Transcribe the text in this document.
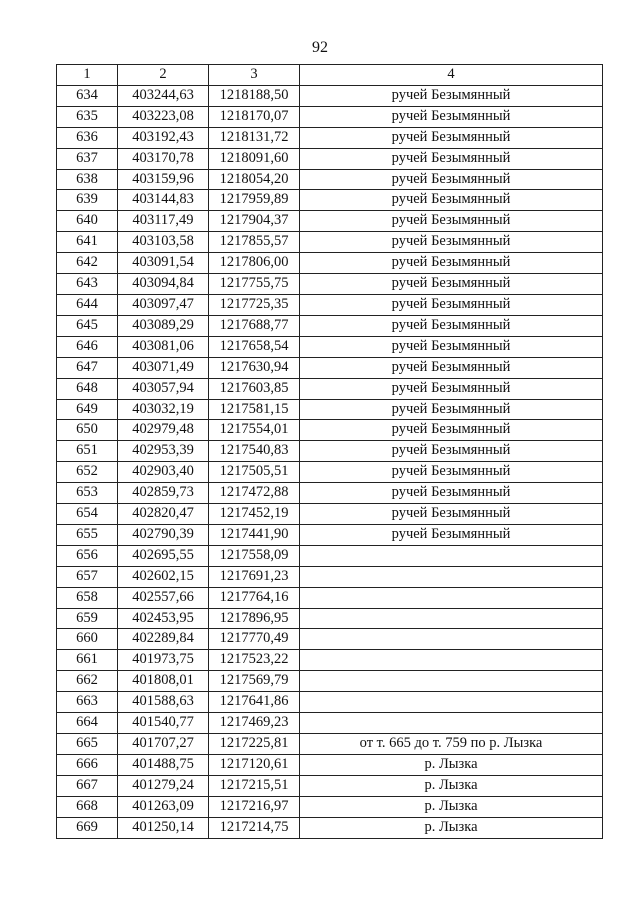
92
1	2	3	4
634	403244,63	1218188,50	ручей Безымянный
635	403223,08	1218170,07	ручей Безымянный
636	403192,43	1218131,72	ручей Безымянный
637	403170,78	1218091,60	ручей Безымянный
638	403159,96	1218054,20	ручей Безымянный
639	403144,83	1217959,89	ручей Безымянный
640	403117,49	1217904,37	ручей Безымянный
641	403103,58	1217855,57	ручей Безымянный
642	403091,54	1217806,00	ручей Безымянный
643	403094,84	1217755,75	ручей Безымянный
644	403097,47	1217725,35	ручей Безымянный
645	403089,29	1217688,77	ручей Безымянный
646	403081,06	1217658,54	ручей Безымянный
647	403071,49	1217630,94	ручей Безымянный
648	403057,94	1217603,85	ручей Безымянный
649	403032,19	1217581,15	ручей Безымянный
650	402979,48	1217554,01	ручей Безымянный
651	402953,39	1217540,83	ручей Безымянный
652	402903,40	1217505,51	ручей Безымянный
653	402859,73	1217472,88	ручей Безымянный
654	402820,47	1217452,19	ручей Безымянный
655	402790,39	1217441,90	ручей Безымянный
656	402695,55	1217558,09	
657	402602,15	1217691,23	
658	402557,66	1217764,16	
659	402453,95	1217896,95	
660	402289,84	1217770,49	
661	401973,75	1217523,22	
662	401808,01	1217569,79	
663	401588,63	1217641,86	
664	401540,77	1217469,23	
665	401707,27	1217225,81	от т. 665 до т. 759 по р. Лызка
666	401488,75	1217120,61	р. Лызка
667	401279,24	1217215,51	р. Лызка
668	401263,09	1217216,97	р. Лызка
669	401250,14	1217214,75	р. Лызка
